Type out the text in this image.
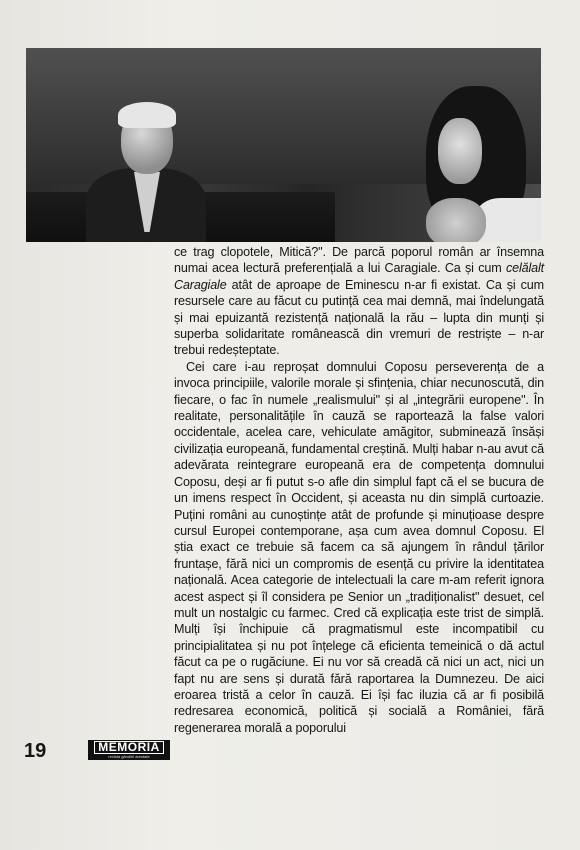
ce trag clopotele, Mitică?". De parcă poporul român ar însemna numai acea lectură preferențială a lui Caragiale. Ca și cum celălalt Caragiale atât de aproape de Eminescu n-ar fi existat. Ca și cum resursele care au făcut cu putință cea mai demnă, mai îndelungată și mai epuizantă rezistență națională la rău – lupta din munți și superba solidaritate românească din vremuri de restriște – n-ar trebui redeșteptate.

Cei care i-au reproșat domnului Coposu perseverența de a invoca principiile, valorile morale și sfințenia, chiar necunoscută, din fiecare, o fac în numele „realismului" și al „integrării europene". În realitate, personalitățile în cauză se raportează la false valori occidentale, acelea care, vehiculate amăgitor, subminează însăși civilizația europeană, fundamental creștină. Mulți habar n-au avut că adevărata reintegrare europeană era de competența domnului Coposu, deși ar fi putut s-o afle din simplul fapt că el se bucura de un imens respect în Occident, și aceasta nu din simplă curtoazie. Puțini români au cunoștințe atât de profunde și minuțioase despre cursul Europei contemporane, așa cum avea domnul Coposu. El știa exact ce trebuie să facem ca să ajungem în rândul țărilor fruntașe, fără nici un compromis de esență cu privire la identitatea națională. Acea categorie de intelectuali la care m-am referit ignora acest aspect și îl considera pe Senior un „tradiționalist" desuet, cel mult un nostalgic cu farmec. Cred că explicația este trist de simplă. Mulți își închipuie că pragmatismul este incompatibil cu principialitatea și nu pot înțelege că eficienta temeinică o dă actul făcut ca pe o rugăciune. Ei nu vor să creadă că nici un act, nici un fapt nu are sens și durată fără raportarea la Dumnezeu. De aici eroarea tristă a celor în cauză. Ei își fac iluzia că ar fi posibilă redresarea economică, politică și socială a României, fără regenerarea morală a poporului

19	MEMORIA
revista gândirii arestate
